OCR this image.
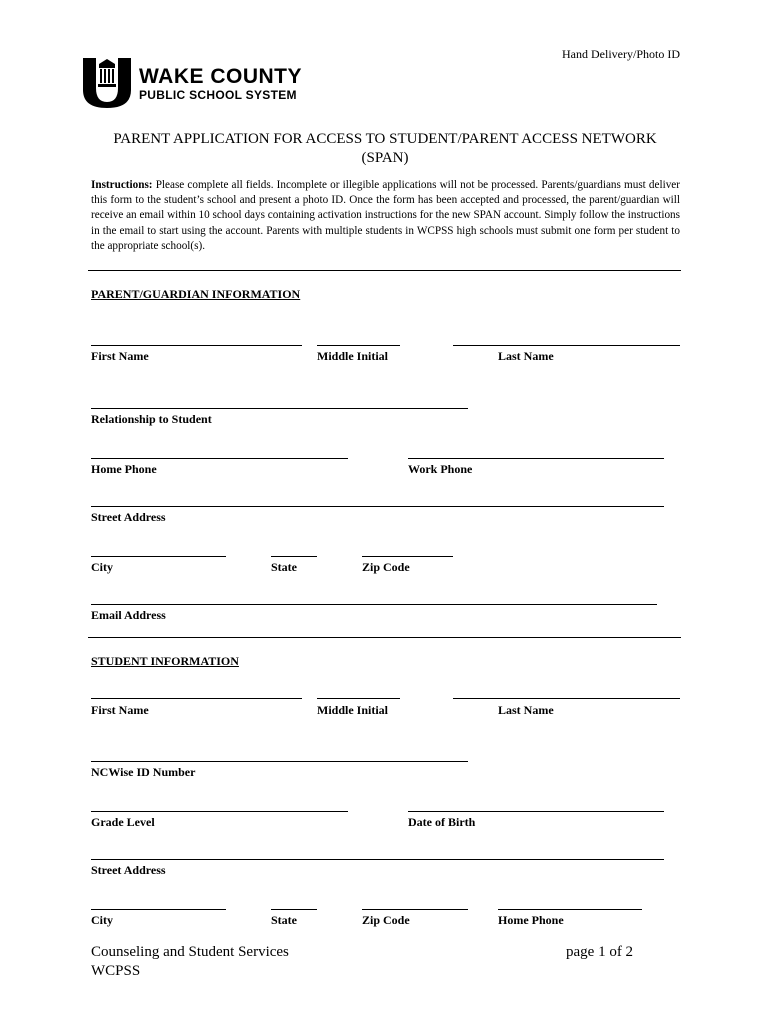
Hand Delivery/Photo ID
WAKE COUNTY
PUBLIC SCHOOL SYSTEM
PARENT APPLICATION FOR ACCESS TO STUDENT/PARENT ACCESS NETWORK
(SPAN)
Instructions: Please complete all fields. Incomplete or illegible applications will not be processed. Parents/guardians must deliver this form to the student’s school and present a photo ID. Once the form has been accepted and processed, the parent/guardian will receive an email within 10 school days containing activation instructions for the new SPAN account. Simply follow the instructions in the email to start using the account. Parents with multiple students in WCPSS high schools must submit one form per student to the appropriate school(s).
PARENT/GUARDIAN INFORMATION
First Name	Middle Initial	Last Name
Relationship to Student
Home Phone	Work Phone
Street Address
City	State	Zip Code
Email Address
STUDENT INFORMATION
First Name	Middle Initial	Last Name
NCWise ID Number
Grade Level	Date of Birth
Street Address
City	State	Zip Code	Home Phone
Counseling and Student Services
WCPSS
page 1 of 2
